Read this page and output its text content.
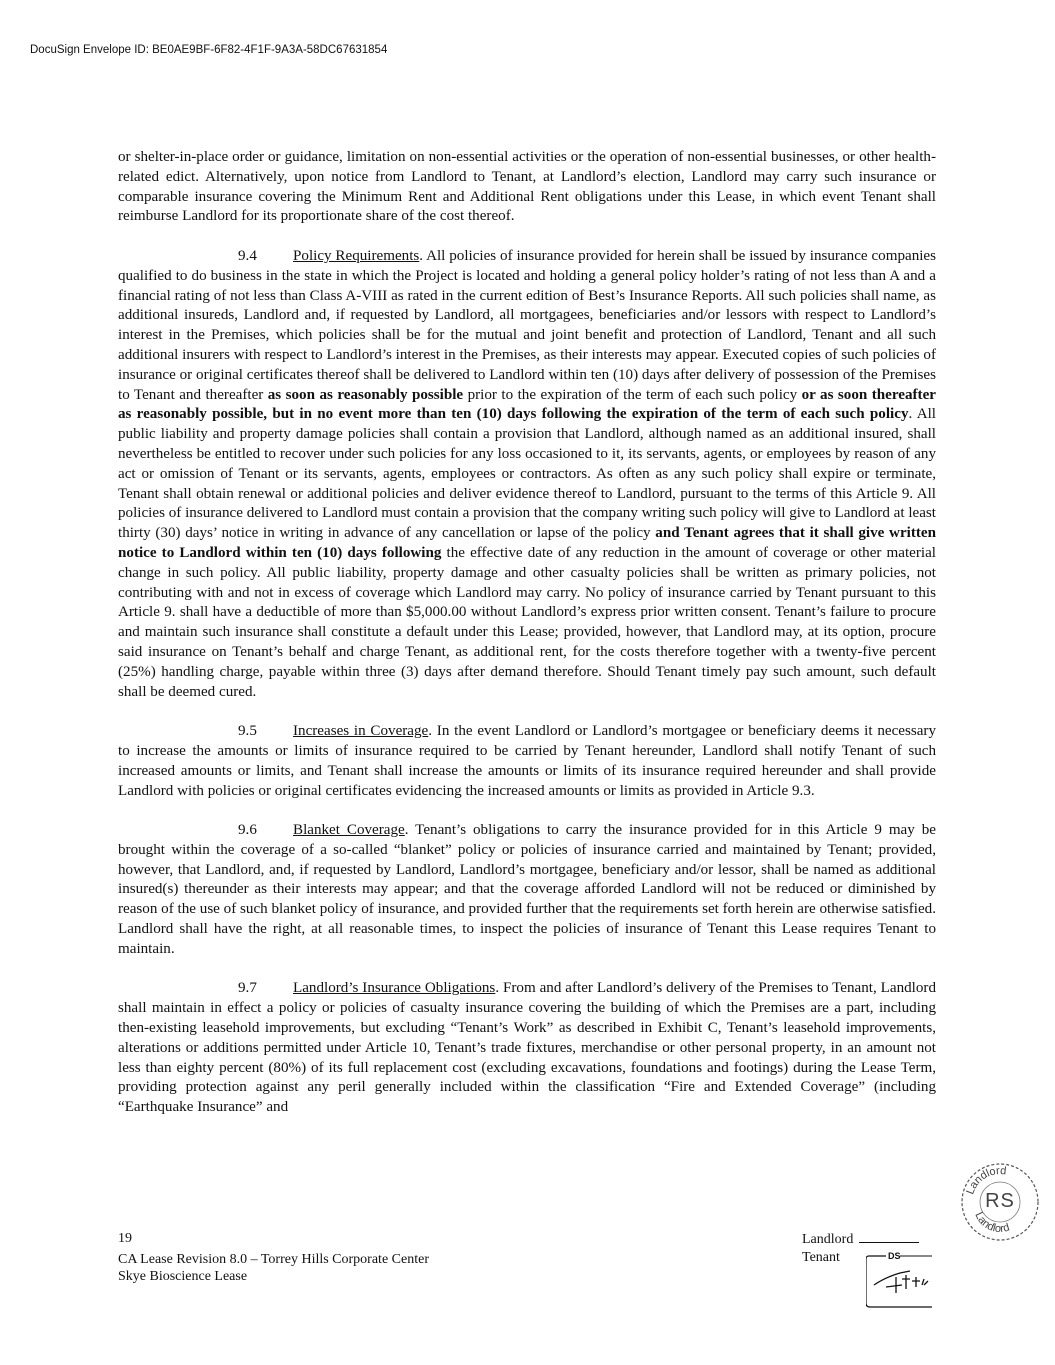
DocuSign Envelope ID: BE0AE9BF-6F82-4F1F-9A3A-58DC67631854

or shelter-in-place order or guidance, limitation on non-essential activities or the operation of non-essential businesses, or other health-related edict. Alternatively, upon notice from Landlord to Tenant, at Landlord’s election, Landlord may carry such insurance or comparable insurance covering the Minimum Rent and Additional Rent obligations under this Lease, in which event Tenant shall reimburse Landlord for its proportionate share of the cost thereof.

9.4 Policy Requirements. All policies of insurance provided for herein shall be issued by insurance companies qualified to do business in the state in which the Project is located and holding a general policy holder’s rating of not less than A and a financial rating of not less than Class A-VIII as rated in the current edition of Best’s Insurance Reports. All such policies shall name, as additional insureds, Landlord and, if requested by Landlord, all mortgagees, beneficiaries and/or lessors with respect to Landlord’s interest in the Premises, which policies shall be for the mutual and joint benefit and protection of Landlord, Tenant and all such additional insurers with respect to Landlord’s interest in the Premises, as their interests may appear. Executed copies of such policies of insurance or original certificates thereof shall be delivered to Landlord within ten (10) days after delivery of possession of the Premises to Tenant and thereafter as soon as reasonably possible prior to the expiration of the term of each such policy or as soon thereafter as reasonably possible, but in no event more than ten (10) days following the expiration of the term of each such policy. All public liability and property damage policies shall contain a provision that Landlord, although named as an additional insured, shall nevertheless be entitled to recover under such policies for any loss occasioned to it, its servants, agents, or employees by reason of any act or omission of Tenant or its servants, agents, employees or contractors. As often as any such policy shall expire or terminate, Tenant shall obtain renewal or additional policies and deliver evidence thereof to Landlord, pursuant to the terms of this Article 9. All policies of insurance delivered to Landlord must contain a provision that the company writing such policy will give to Landlord at least thirty (30) days’ notice in writing in advance of any cancellation or lapse of the policy and Tenant agrees that it shall give written notice to Landlord within ten (10) days following the effective date of any reduction in the amount of coverage or other material change in such policy. All public liability, property damage and other casualty policies shall be written as primary policies, not contributing with and not in excess of coverage which Landlord may carry. No policy of insurance carried by Tenant pursuant to this Article 9. shall have a deductible of more than $5,000.00 without Landlord’s express prior written consent. Tenant’s failure to procure and maintain such insurance shall constitute a default under this Lease; provided, however, that Landlord may, at its option, procure said insurance on Tenant’s behalf and charge Tenant, as additional rent, for the costs therefore together with a twenty-five percent (25%) handling charge, payable within three (3) days after demand therefore. Should Tenant timely pay such amount, such default shall be deemed cured.

9.5 Increases in Coverage. In the event Landlord or Landlord’s mortgagee or beneficiary deems it necessary to increase the amounts or limits of insurance required to be carried by Tenant hereunder, Landlord shall notify Tenant of such increased amounts or limits, and Tenant shall increase the amounts or limits of its insurance required hereunder and shall provide Landlord with policies or original certificates evidencing the increased amounts or limits as provided in Article 9.3.

9.6 Blanket Coverage. Tenant’s obligations to carry the insurance provided for in this Article 9 may be brought within the coverage of a so-called “blanket” policy or policies of insurance carried and maintained by Tenant; provided, however, that Landlord, and, if requested by Landlord, Landlord’s mortgagee, beneficiary and/or lessor, shall be named as additional insured(s) thereunder as their interests may appear; and that the coverage afforded Landlord will not be reduced or diminished by reason of the use of such blanket policy of insurance, and provided further that the requirements set forth herein are otherwise satisfied. Landlord shall have the right, at all reasonable times, to inspect the policies of insurance of Tenant this Lease requires Tenant to maintain.

9.7 Landlord’s Insurance Obligations. From and after Landlord’s delivery of the Premises to Tenant, Landlord shall maintain in effect a policy or policies of casualty insurance covering the building of which the Premises are a part, including then-existing leasehold improvements, but excluding “Tenant’s Work” as described in Exhibit C, Tenant’s leasehold improvements, alterations or additions permitted under Article 10, Tenant’s trade fixtures, merchandise or other personal property, in an amount not less than eighty percent (80%) of its full replacement cost (excluding excavations, foundations and footings) during the Lease Term, providing protection against any peril generally included within the classification “Fire and Extended Coverage” (including “Earthquake Insurance” and

19
CA Lease Revision 8.0 – Torrey Hills Corporate Center
Skye Bioscience Lease
Landlord
Tenant	DS
Landlord
Landlord
RS
